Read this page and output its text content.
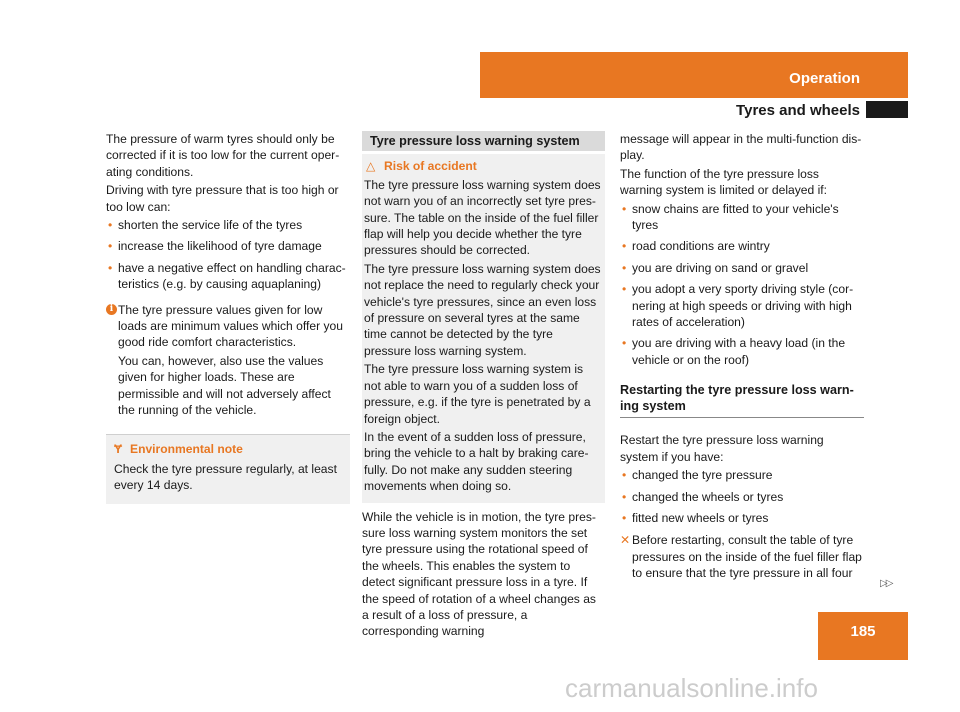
Operation
Tyres and wheels

The pressure of warm tyres should only be corrected if it is too low for the current oper-ating conditions.

Driving with tyre pressure that is too high or too low can:

• shorten the service life of the tyres
• increase the likelihood of tyre damage
• have a negative effect on handling charac-teristics (e.g. by causing aquaplaning)
i The tyre pressure values given for low loads are minimum values which offer you good ride comfort characteristics.

You can, however, also use the values given for higher loads. These are permissible and will not adversely affect the running of the vehicle.

Ɏ Environmental note

Check the tyre pressure regularly, at least every 14 days.

Tyre pressure loss warning system
△ Risk of accident

The tyre pressure loss warning system does not warn you of an incorrectly set tyre pres-sure. The table on the inside of the fuel filler flap will help you decide whether the tyre pressures should be corrected.

The tyre pressure loss warning system does not replace the need to regularly check your vehicle's tyre pressures, since an even loss of pressure on several tyres at the same time cannot be detected by the tyre pressure loss warning system.

The tyre pressure loss warning system is not able to warn you of a sudden loss of pressure, e.g. if the tyre is penetrated by a foreign object.

In the event of a sudden loss of pressure, bring the vehicle to a halt by braking care-fully. Do not make any sudden steering movements when doing so.

While the vehicle is in motion, the tyre pres-sure loss warning system monitors the set tyre pressure using the rotational speed of the wheels. This enables the system to detect significant pressure loss in a tyre. If the speed of rotation of a wheel changes as a result of a loss of pressure, a corresponding warning

message will appear in the multi-function dis-play.

The function of the tyre pressure loss warning system is limited or delayed if:

• snow chains are fitted to your vehicle's tyres
• road conditions are wintry
• you are driving on sand or gravel
• you adopt a very sporty driving style (cor-nering at high speeds or driving with high rates of acceleration)
• you are driving with a heavy load (in the vehicle or on the roof)
Restarting the tyre pressure loss warn-ing system

Restart the tyre pressure loss warning system if you have:

• changed the tyre pressure
• changed the wheels or tyres
• fitted new wheels or tyres
✕ Before restarting, consult the table of tyre pressures on the inside of the fuel filler flap to ensure that the tyre pressure in all four
▷▷
185
carmanualsonline.info
